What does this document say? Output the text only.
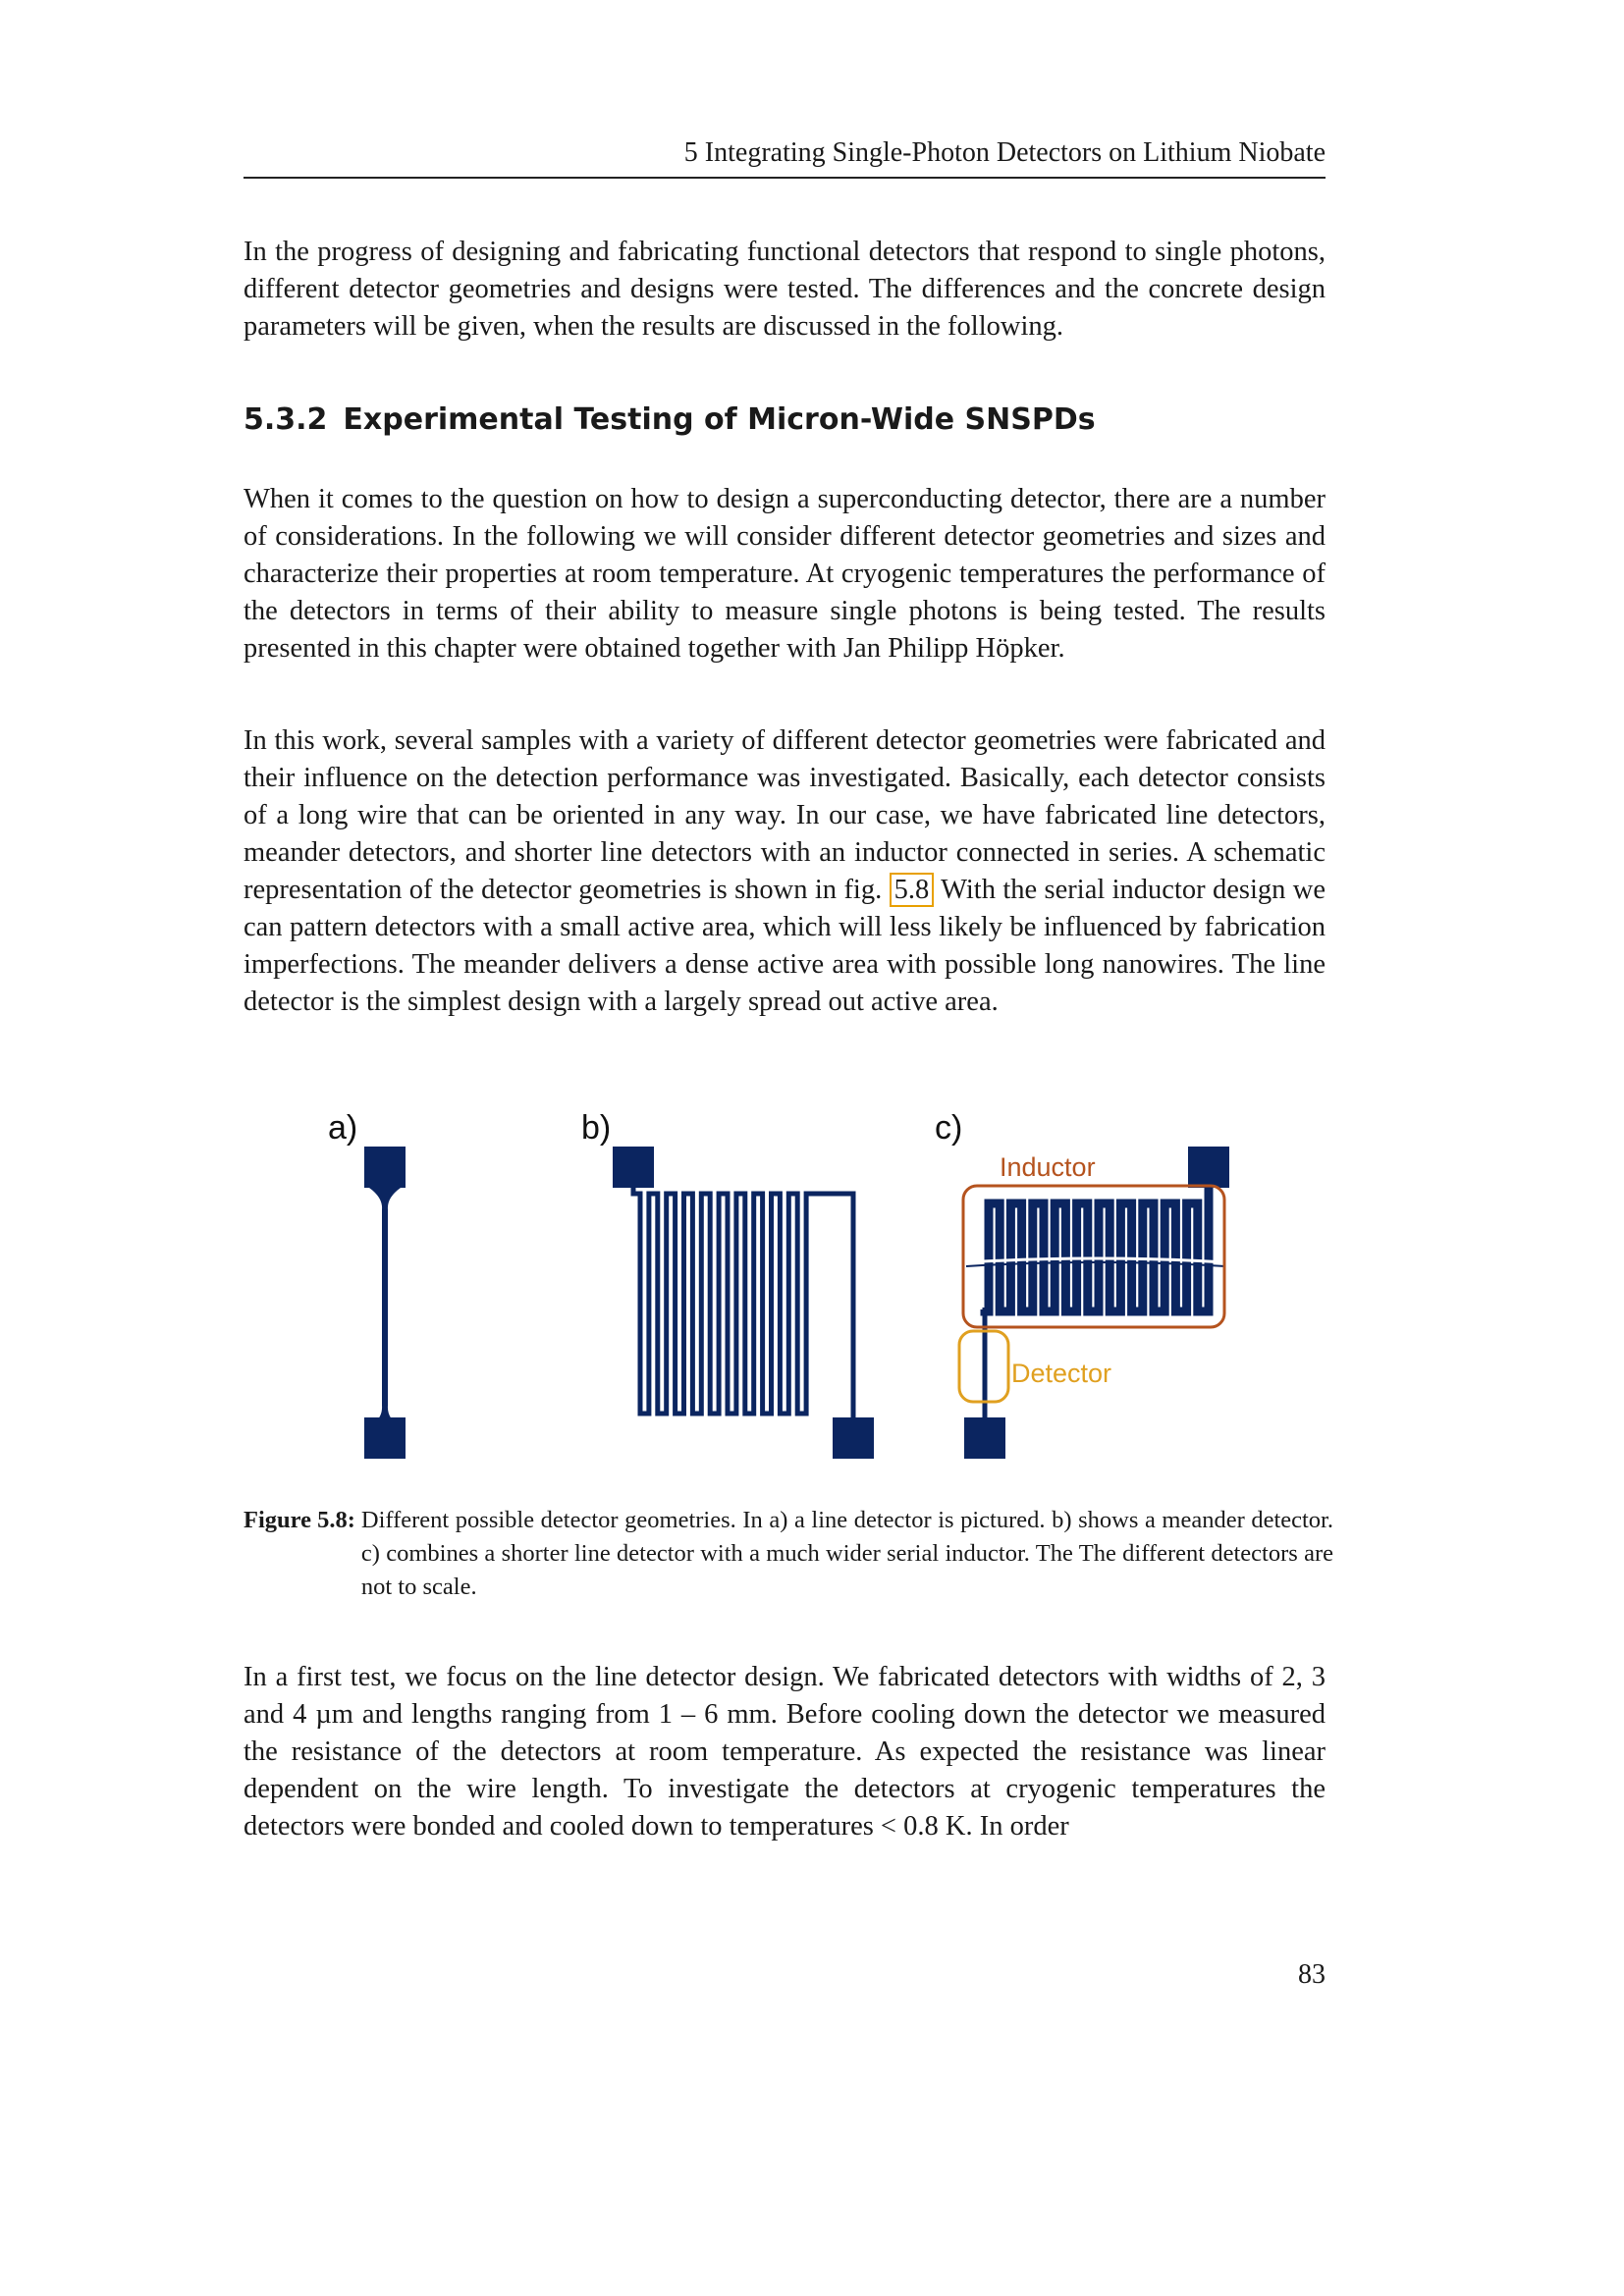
5 Integrating Single-Photon Detectors on Lithium Niobate

In the progress of designing and fabricating functional detectors that respond to single photons, different detector geometries and designs were tested. The differences and the concrete design parameters will be given, when the results are discussed in the following.

5.3.2 Experimental Testing of Micron-Wide SNSPDs

When it comes to the question on how to design a superconducting detector, there are a number of considerations. In the following we will consider different detector geometries and sizes and characterize their properties at room temperature. At cryogenic temperatures the performance of the detectors in terms of their ability to measure single photons is being tested. The results presented in this chapter were obtained together with Jan Philipp Höpker.

In this work, several samples with a variety of different detector geometries were fabricated and their influence on the detection performance was investigated. Basically, each detector consists of a long wire that can be oriented in any way. In our case, we have fabricated line detectors, meander detectors, and shorter line detectors with an inductor connected in series. A schematic representation of the detector geometries is shown in fig. 5.8 With the serial inductor design we can pattern detectors with a small active area, which will less likely be influenced by fabrication imperfections. The meander delivers a dense active area with possible long nanowires. The line detector is the simplest design with a largely spread out active area.

a)	b)	c)
Inductor
Detector
Figure 5.8: Different possible detector geometries. In a) a line detector is pictured. b) shows a meander detector. c) combines a shorter line detector with a much wider serial inductor. The The different detectors are not to scale.

In a first test, we focus on the line detector design. We fabricated detectors with widths of 2, 3 and 4 µm and lengths ranging from 1 – 6 mm. Before cooling down the detector we measured the resistance of the detectors at room temperature. As expected the resistance was linear dependent on the wire length. To investigate the detectors at cryogenic temperatures the detectors were bonded and cooled down to temperatures < 0.8 K. In order

83
